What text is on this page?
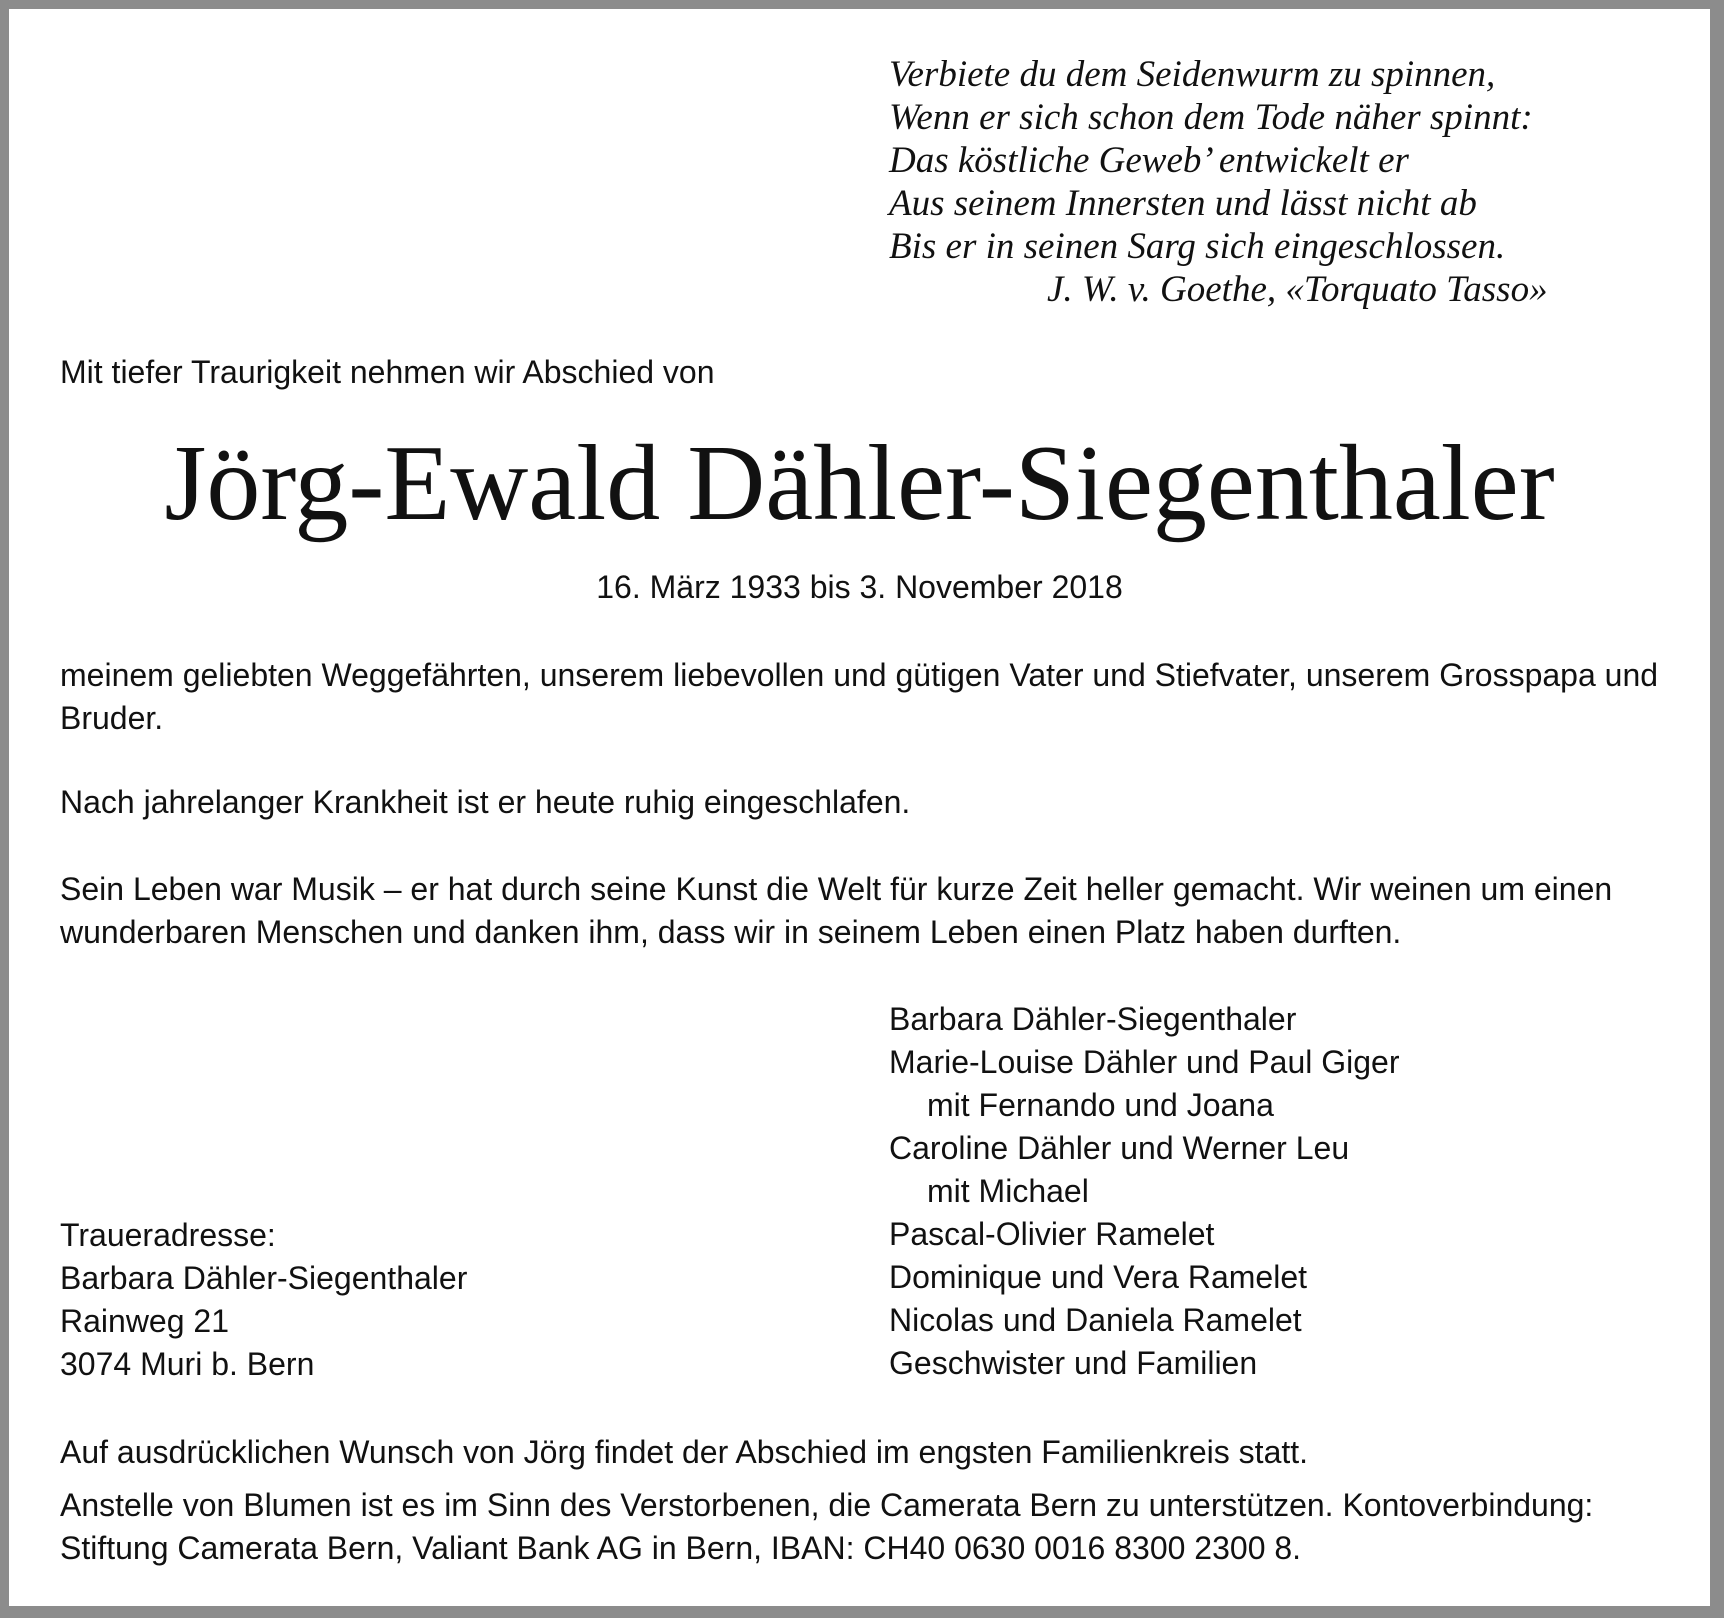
Verbiete du dem Seidenwurm zu spinnen,
Wenn er sich schon dem Tode näher spinnt:
Das köstliche Geweb’ entwickelt er
Aus seinem Innersten und lässt nicht ab
Bis er in seinen Sarg sich eingeschlossen.
J. W. v. Goethe, «Torquato Tasso»
Mit tiefer Traurigkeit nehmen wir Abschied von
Jörg-Ewald Dähler-Siegenthaler
16. März 1933 bis 3. November 2018
meinem geliebten Weggefährten, unserem liebevollen und gütigen Vater und Stiefvater, unserem Grosspapa und Bruder.
Nach jahrelanger Krankheit ist er heute ruhig eingeschlafen.
Sein Leben war Musik – er hat durch seine Kunst die Welt für kurze Zeit heller gemacht. Wir weinen um einen wunderbaren Menschen und danken ihm, dass wir in seinem Leben einen Platz haben durften.
Barbara Dähler-Siegenthaler
Marie-Louise Dähler und Paul Giger
mit Fernando und Joana
Caroline Dähler und Werner Leu
mit Michael
Pascal-Olivier Ramelet
Dominique und Vera Ramelet
Nicolas und Daniela Ramelet
Geschwister und Familien
Traueradresse:
Barbara Dähler-Siegenthaler
Rainweg 21
3074 Muri b. Bern
Auf ausdrücklichen Wunsch von Jörg findet der Abschied im engsten Familienkreis statt.
Anstelle von Blumen ist es im Sinn des Verstorbenen, die Camerata Bern zu unterstützen. Kontoverbindung: Stiftung Camerata Bern, Valiant Bank AG in Bern, IBAN: CH40 0630 0016 8300 2300 8.
